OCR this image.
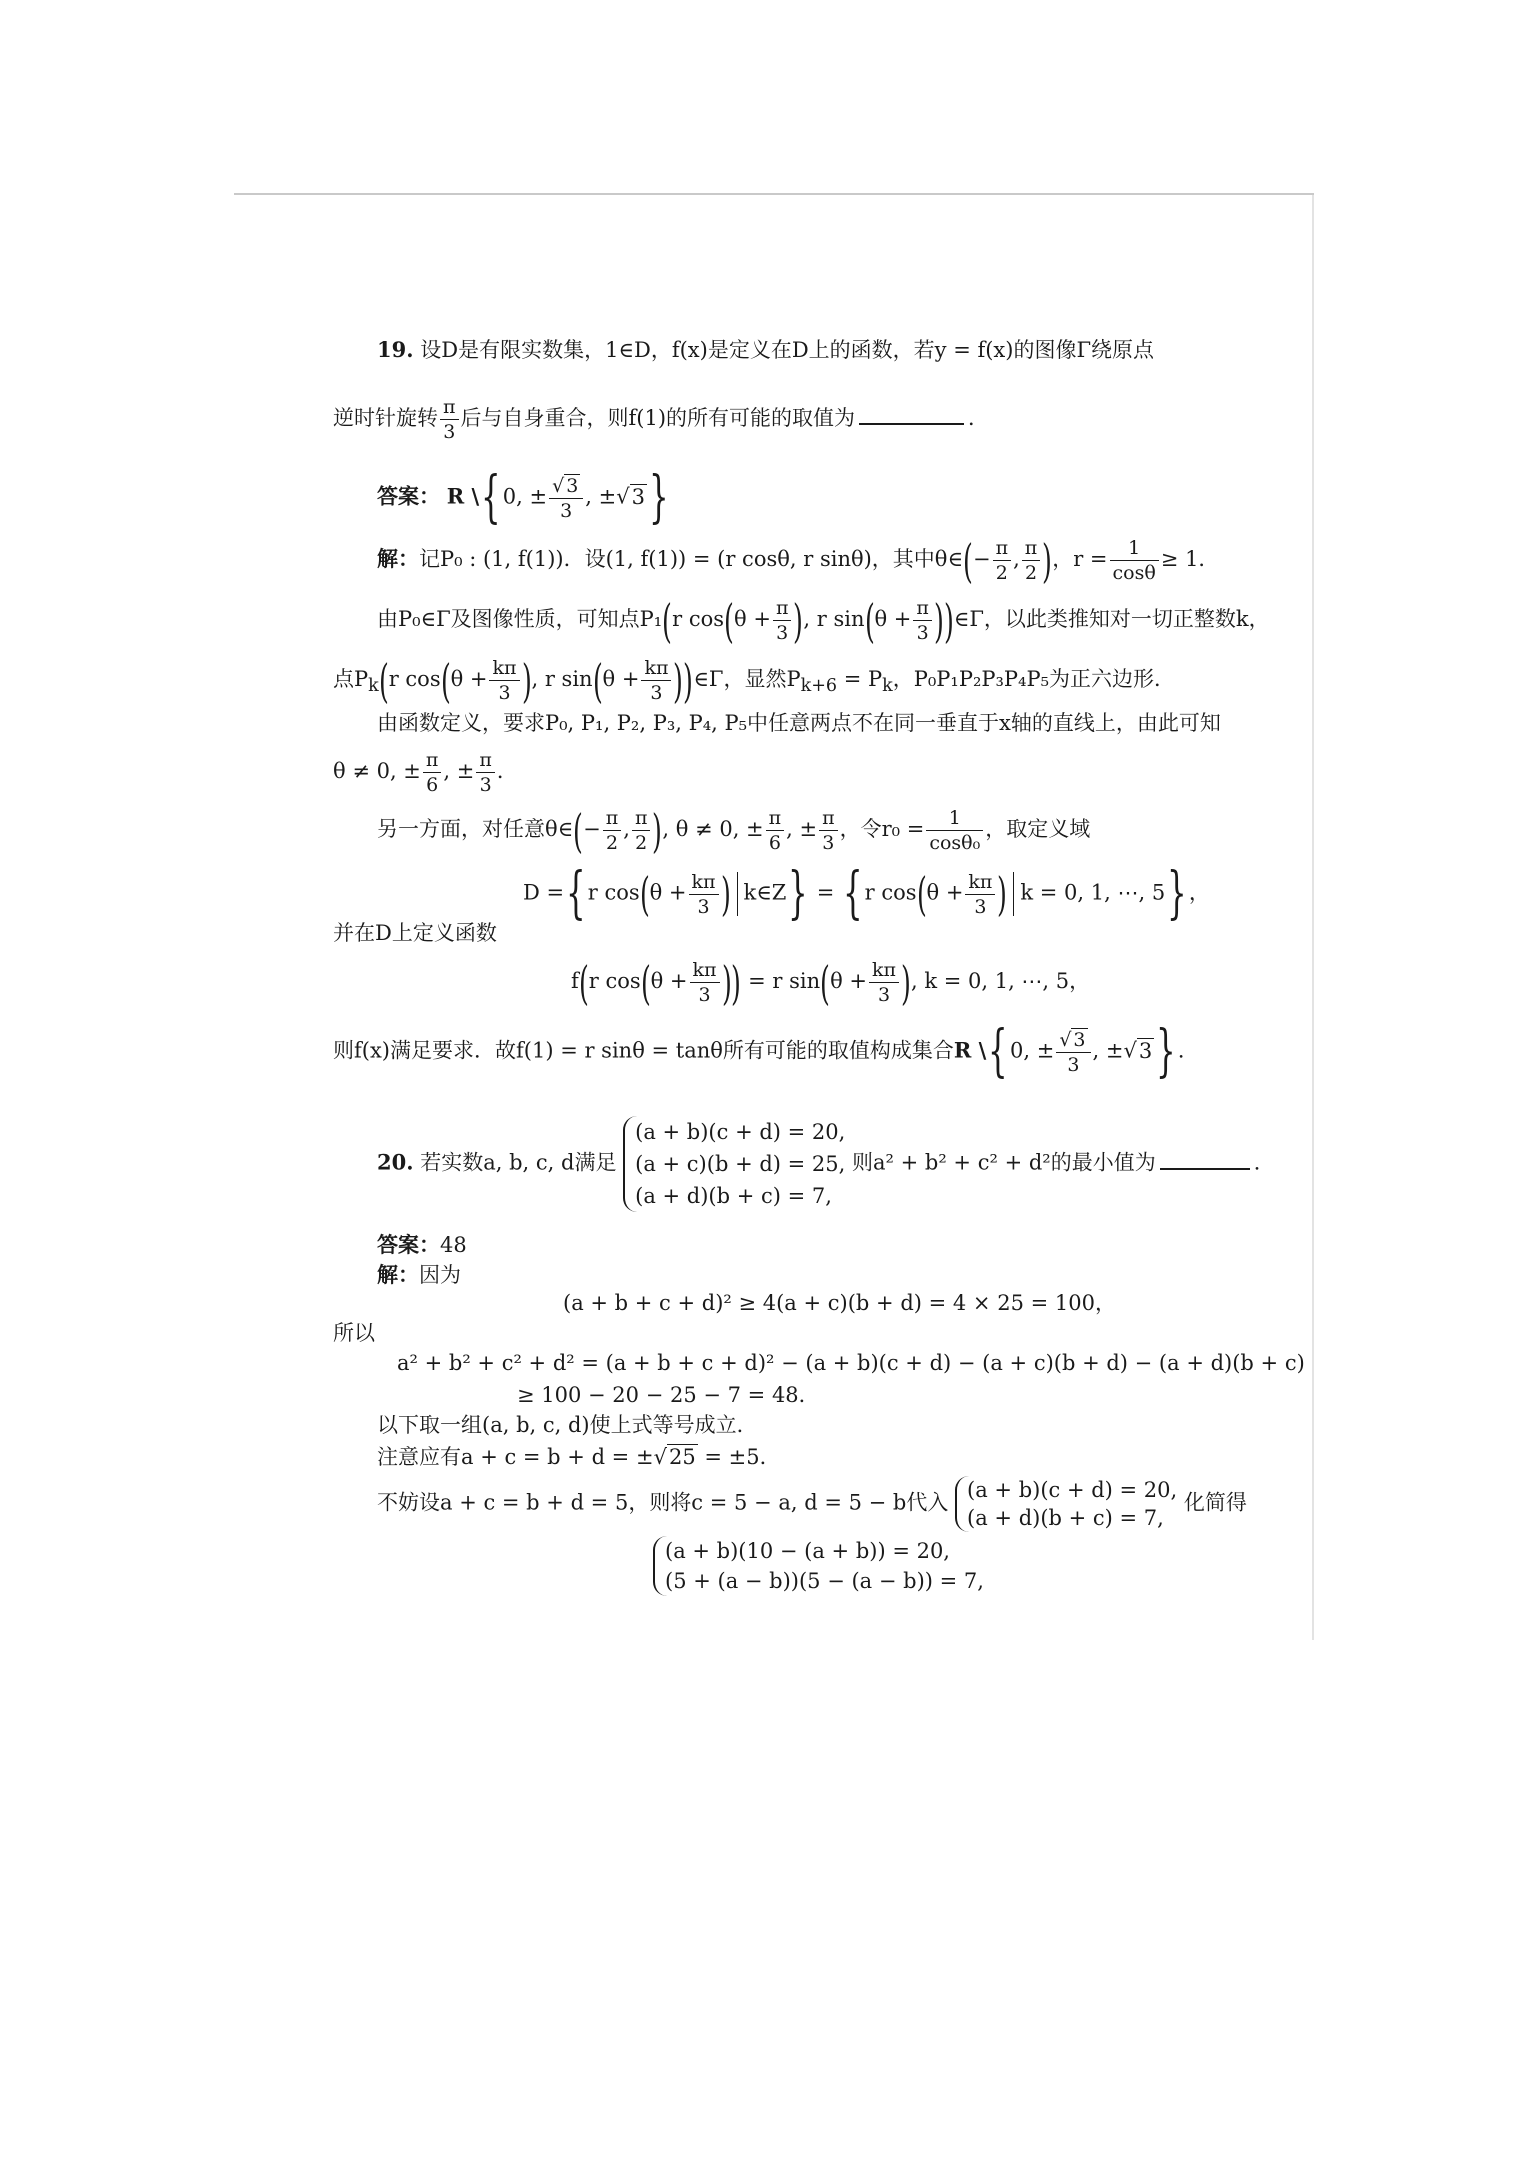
19. 设D是有限实数集，1∈D，f(x)是定义在D上的函数，若y = f(x)的图像Γ绕原点
逆时针旋转 $\frac{\pi}{3}$ 后与自身重合，则f(1)的所有可能的取值为	．
答案： R \{0, ± $\frac{√ 3}{3}$ , ±√3}
解：记P₀ : (1, f(1))．设(1, f(1)) = (r cosθ, r sinθ)，其中θ∈(− $\frac{\pi}{2}$ , $\frac{\pi}{2}$ )，$r = \frac{1}{\cos\theta} \ge 1$．
由P₀∈Γ及图像性质，可知点P₁(r $\cos(\theta + \frac{\pi}{3}$ ), r $\sin(\theta + \frac{\pi}{3}$ ))∈Γ，以此类推知对一切正整数k，
点$P_k(r$ $\cos(\theta + \frac{k\pi}{3}$ ), r $\sin(\theta + \frac{k\pi}{3}$ ))∈Γ，显然$P_{k+6} = P_k$，P₀P₁P₂P₃P₄P₅为正六边形．
由函数定义，要求P₀, P₁, P₂, P₃, P₄, P₅中任意两点不在同一垂直于x轴的直线上，由此可知
θ ≠ 0, ± $\frac{\pi}{6}$ , ± $\frac{\pi}{3}$ ．
另一方面，对任意θ∈(− $\frac{\pi}{2}$ , $\frac{\pi}{2}$ ), θ ≠ 0, ± $\frac{\pi}{6}$ , ± $\frac{\pi}{3}$ ，令$r_0 = \frac{1}{\text{cosθ₀}}$ ，取定义域
D ={r $\cos(\theta + \frac{k\pi}{3}$ ) k∈Z} = {r $\cos(\theta + \frac{k\pi}{3}$ ) k = 0, 1, ⋯, 5}，
并在D上定义函数
f(r $\cos(\theta + \frac{k\pi}{3}$ )) = r $\sin(\theta + \frac{k\pi}{3}$ ), k = 0, 1, ⋯, 5，
则f(x)满足要求．故f(1) = r sinθ = tanθ所有可能的取值构成集合R \{0, ± $\frac{√ 3}{3}$ , ±√3}．
20. 若实数a, b, c, d满足
(a + b)(c + d) = 20,
(a + c)(b + d) = 25,
(a + d)(b + c) = 7,
则a² + b² + c² + d²的最小值为	．
答案：48
解：因为
(a + b + c + d)² ≥ 4(a + c)(b + d) = 4 × 25 = 100，
所以
a² + b² + c² + d² = (a + b + c + d)² − (a + b)(c + d) − (a + c)(b + d) − (a + d)(b + c)
≥ 100 − 20 − 25 − 7 = 48．
以下取一组(a, b, c, d)使上式等号成立．
注意应有a + c = b + d = ±√25 = ±5．
不妨设a + c = b + d = 5，则将c = 5 − a, d = 5 − b代入
(a + b)(c + d) = 20,
(a + d)(b + c) = 7,
化简得
(a + b)(10 − (a + b)) = 20,
(5 + (a − b))(5 − (a − b)) = 7,
